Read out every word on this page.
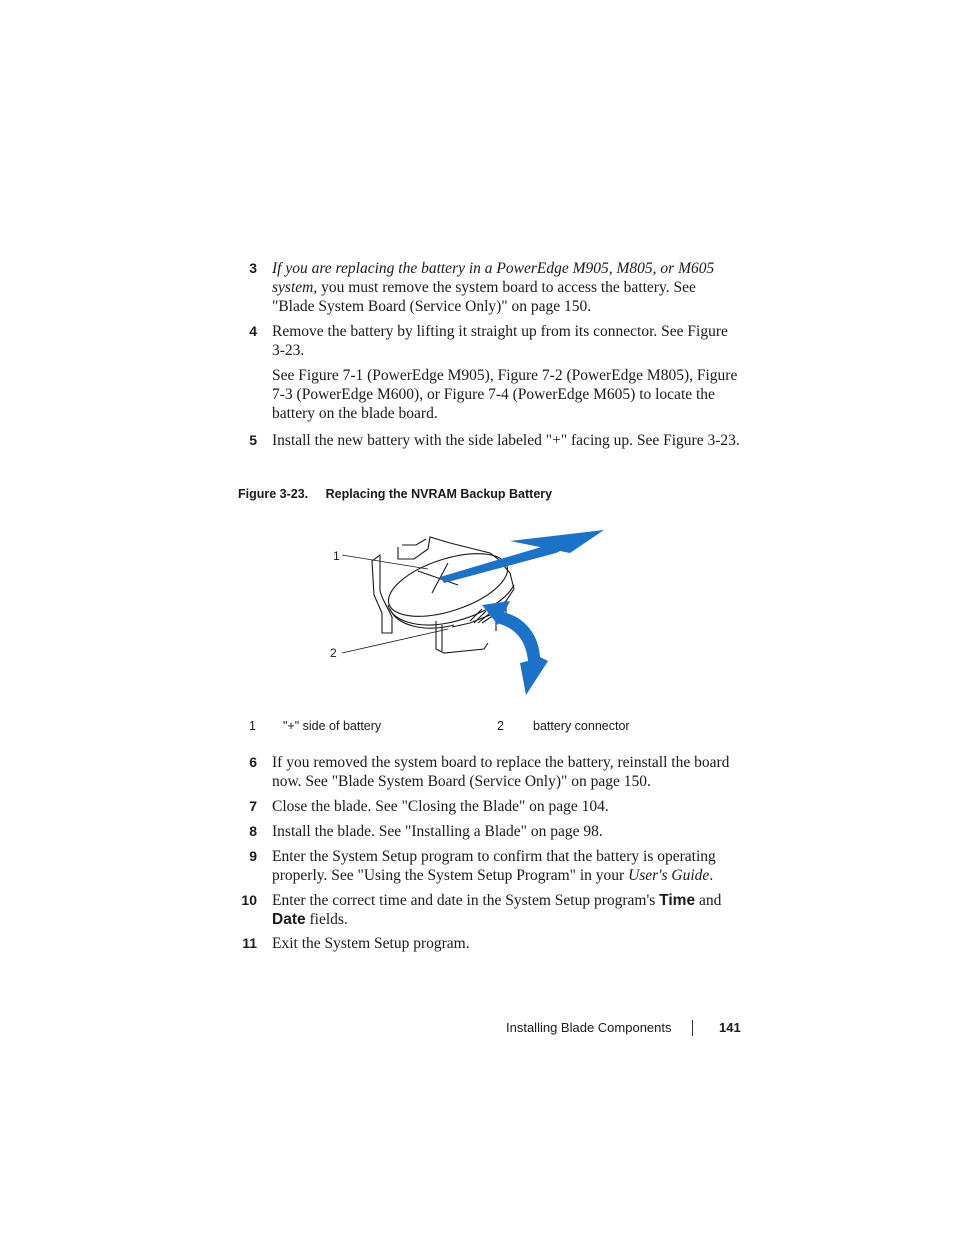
3 If you are replacing the battery in a PowerEdge M905, M805, or M605 system, you must remove the system board to access the battery. See "Blade System Board (Service Only)" on page 150.
4 Remove the battery by lifting it straight up from its connector. See Figure 3-23.
See Figure 7-1 (PowerEdge M905), Figure 7-2 (PowerEdge M805), Figure 7-3 (PowerEdge M600), or Figure 7-4 (PowerEdge M605) to locate the battery on the blade board.
5 Install the new battery with the side labeled "+" facing up. See Figure 3-23.
Figure 3-23. Replacing the NVRAM Backup Battery
1
2
1 "+" side of battery	2 battery connector
6 If you removed the system board to replace the battery, reinstall the board now. See "Blade System Board (Service Only)" on page 150.
7 Close the blade. See "Closing the Blade" on page 104.
8 Install the blade. See "Installing a Blade" on page 98.
9 Enter the System Setup program to confirm that the battery is operating properly. See "Using the System Setup Program" in your User's Guide.
10 Enter the correct time and date in the System Setup program's Time and Date fields.
11 Exit the System Setup program.
Installing Blade Components	141
